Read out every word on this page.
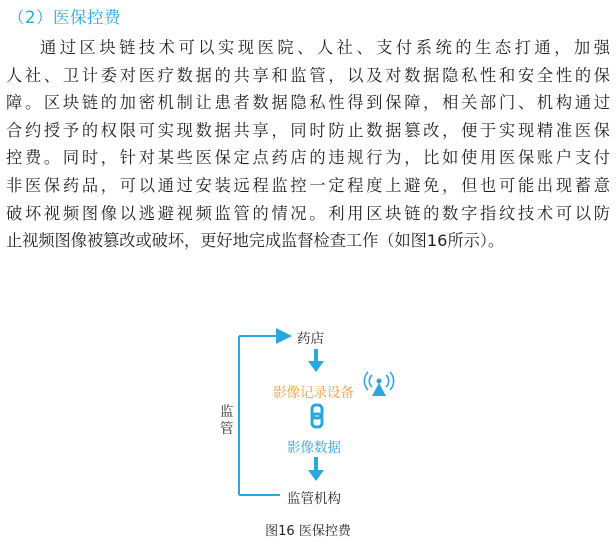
（2）医保控费
通过区块链技术可以实现医院、人社、支付系统的生态打通，加强
人社、卫计委对医疗数据的共享和监管，以及对数据隐私性和安全性的保
障。区块链的加密机制让患者数据隐私性得到保障，相关部门、机构通过
合约授予的权限可实现数据共享，同时防止数据篡改，便于实现精准医保
控费。同时，针对某些医保定点药店的违规行为，比如使用医保账户支付
非医保药品，可以通过安装远程监控一定程度上避免，但也可能出现蓄意
破坏视频图像以逃避视频监管的情况。利用区块链的数字指纹技术可以防
止视频图像被篡改或破坏，更好地完成监督检查工作（如图16所示）。
药店
影像记录设备
影像数据
监管机构
监
管
图16 医保控费
